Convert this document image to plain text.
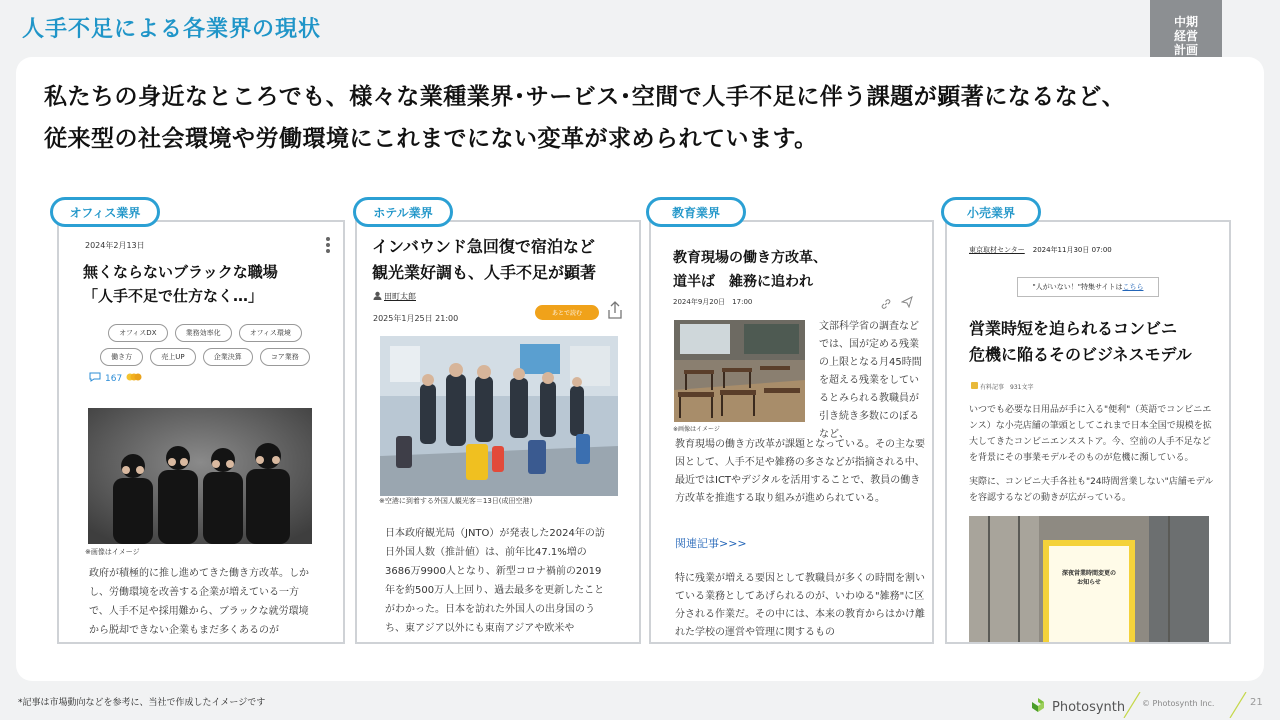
人手不足による各業界の現状	中期
経営
計画
私たちの身近なところでも、様々な業種業界･サービス･空間で人手不足に伴う課題が顕著になるなど、
従来型の社会環境や労働環境にこれまでにない変革が求められています。
オフィス業界
2024年2月13日
無くならないブラックな職場
「人手不足で仕方なく…」
オフィスDX	業務効率化	オフィス環境
働き方	売上UP	企業決算	コア業務
167
※画像はイメージ
政府が積極的に推し進めてきた働き方改革。しかし、労働環境を改善する企業が増えている一方で、人手不足や採用難から、ブラックな就労環境から脱却できない企業もまだ多くあるのが
ホテル業界
インバウンド急回復で宿泊など
観光業好調も、人手不足が顕著
田町太郎
2025年1月25日 21:00
あとで読む
※空港に到着する外国人観光客＝13日(成田空港)
日本政府観光局（JNTO）が発表した2024年の訪日外国人数（推計値）は、前年比47.1%増の3686万9900人となり、新型コロナ禍前の2019年を約500万人上回り、過去最多を更新したことがわかった。日本を訪れた外国人の出身国のうち、東アジア以外にも東南アジアや欧米や
教育業界
教育現場の働き方改革、
道半ば　雑務に追われ
2024年9月20日　17:00
※画像はイメージ
文部科学省の調査などでは、国が定める残業の上限となる月45時間を超える残業をしているとみられる教職員が引き続き多数にのぼるなど、
教育現場の働き方改革が課題となっている。その主な要因として、人手不足や雑務の多さなどが指摘される中、最近ではICTやデジタルを活用することで、教員の働き方改革を推進する取り組みが進められている。
関連記事>>>
特に残業が増える要因として教職員が多くの時間を割いている業務としてあげられるのが、いわゆる"雑務"に区分される作業だ。その中には、本来の教育からはかけ離れた学校の運営や管理に関するもの
小売業界
東京取材センター 2024年11月30日 07:00
"人がいない！"特集サイトは こちら
営業時短を迫られるコンビニ
危機に陥るそのビジネスモデル
有料記事　931文字
いつでも必要な日用品が手に入る"便利"（英語でコンビニエンス）な小売店舗の筆頭としてこれまで日本全国で規模を拡大してきたコンビニエンスストア。今、空前の人手不足などを背景にその事業モデルそのものが危機に瀕している。
実際に、コンビニ大手各社も"24時間営業しない"店舗モデルを容認するなどの動きが広がっている。
深夜営業時間変更の
お知らせ
*記事は市場動向などを参考に、当社で作成したイメージです	Photosynth © Photosynth Inc.	21
